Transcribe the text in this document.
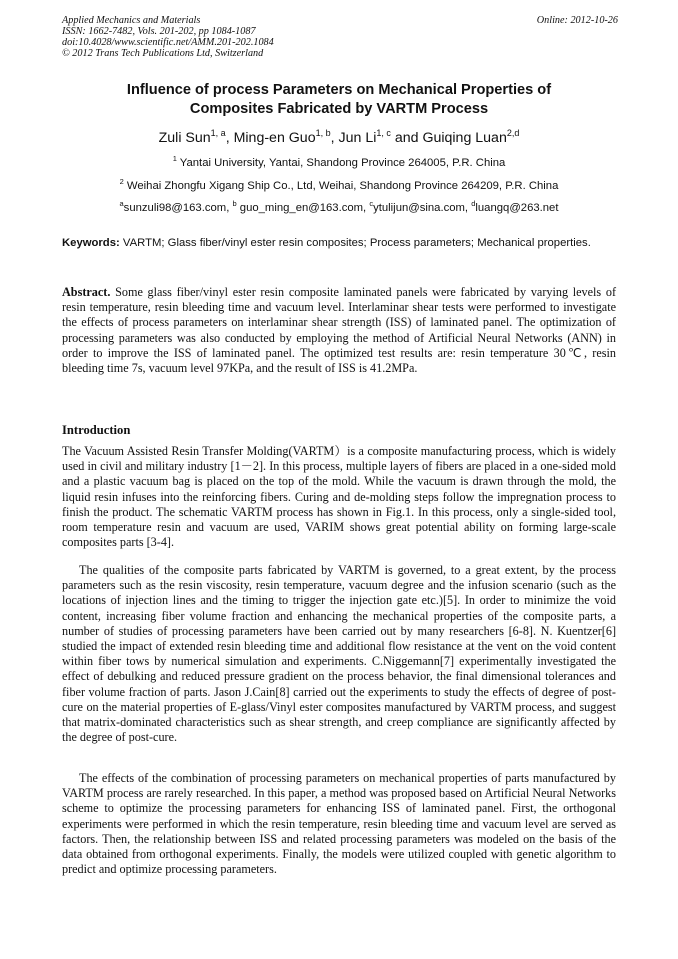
Applied Mechanics and Materials
ISSN: 1662-7482, Vols. 201-202, pp 1084-1087
doi:10.4028/www.scientific.net/AMM.201-202.1084
© 2012 Trans Tech Publications Ltd, Switzerland
Online: 2012-10-26
Influence of process Parameters on Mechanical Properties of
Composites Fabricated by VARTM Process
Zuli Sun$^{1, a}$, Ming-en Guo$^{1, b}$, Jun Li$^{1, c}$ and Guiqing Luan$^{2,d}$
$^1$ Yantai University, Yantai, Shandong Province 264005, P.R. China
$^2$ Weihai Zhongfu Xigang Ship Co., Ltd, Weihai, Shandong Province 264209, P.R. China
$^a$sunzuli98@163.com, $^b$ guo_ming_en@163.com, $^c$ytulijun@sina.com, $^d$luangq@263.net
Keywords: VARTM; Glass fiber/vinyl ester resin composites; Process parameters; Mechanical properties.
Abstract. Some glass fiber/vinyl ester resin composite laminated panels were fabricated by varying levels of resin temperature, resin bleeding time and vacuum level. Interlaminar shear tests were performed to investigate the effects of process parameters on interlaminar shear strength (ISS) of laminated panel. The optimization of processing parameters was also conducted by employing the method of Artificial Neural Networks (ANN) in order to improve the ISS of laminated panel. The optimized test results are: resin temperature 30℃, resin bleeding time 7s, vacuum level 97KPa, and the result of ISS is 41.2MPa.
Introduction
The Vacuum Assisted Resin Transfer Molding(VARTM）is a composite manufacturing process, which is widely used in civil and military industry [1－2]. In this process, multiple layers of fibers are placed in a one-sided mold and a plastic vacuum bag is placed on the top of the mold. While the vacuum is drawn through the mold, the liquid resin infuses into the reinforcing fibers. Curing and de-molding steps follow the impregnation process to finish the product. The schematic VARTM process has shown in Fig.1. In this process, only a single-sided tool, room temperature resin and vacuum are used, VARIM shows great potential ability on forming large-scale composites parts [3-4].
The qualities of the composite parts fabricated by VARTM is governed, to a great extent, by the process parameters such as the resin viscosity, resin temperature, vacuum degree and the infusion scenario (such as the locations of injection lines and the timing to trigger the injection gate etc.)[5]. In order to minimize the void content, increasing fiber volume fraction and enhancing the mechanical properties of the composite parts, a number of studies of processing parameters have been carried out by many researchers [6-8]. N. Kuentzer[6] studied the impact of extended resin bleeding time and additional flow resistance at the vent on the void content within fiber tows by numerical simulation and experiments. C.Niggemann[7] experimentally investigated the effect of debulking and reduced pressure gradient on the process behavior, the final dimensional tolerances and fiber volume fraction of parts. Jason J.Cain[8] carried out the experiments to study the effects of degree of post-cure on the material properties of E-glass/Vinyl ester composites manufactured by VARTM process, and suggest that matrix-dominated characteristics such as shear strength, and creep compliance are significantly affected by the degree of post-cure.
The effects of the combination of processing parameters on mechanical properties of parts manufactured by VARTM process are rarely researched. In this paper, a method was proposed based on Artificial Neural Networks scheme to optimize the processing parameters for enhancing ISS of laminated panel. First, the orthogonal experiments were performed in which the resin temperature, resin bleeding time and vacuum level are served as factors. Then, the relationship between ISS and related processing parameters was modeled on the basis of the data obtained from orthogonal experiments. Finally, the models were utilized coupled with genetic algorithm to predict and optimize processing parameters.
